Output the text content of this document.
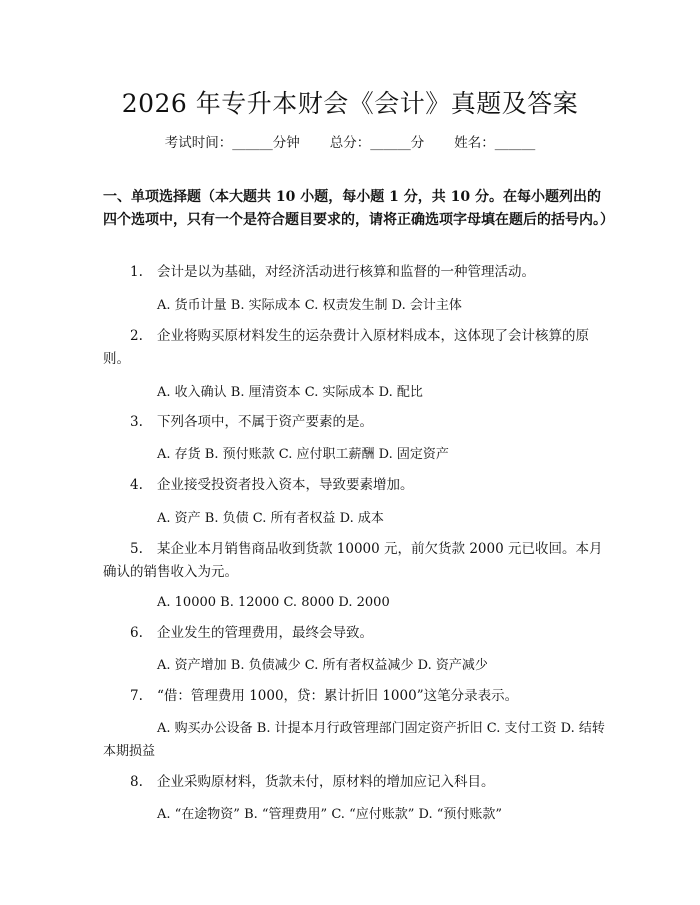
2026 年专升本财会《会计》真题及答案
考试时间：______分钟 总分：______分 姓名：______
一、单项选择题（本大题共 10 小题，每小题 1 分，共 10 分。在每小题列出的四个选项中，只有一个是符合题目要求的，请将正确选项字母填在题后的括号内。）
1. 会计是以为基础，对经济活动进行核算和监督的一种管理活动。
A. 货币计量 B. 实际成本 C. 权责发生制 D. 会计主体
2. 企业将购买原材料发生的运杂费计入原材料成本，这体现了会计核算的原则。
A. 收入确认 B. 厘清资本 C. 实际成本 D. 配比
3. 下列各项中，不属于资产要素的是。
A. 存货 B. 预付账款 C. 应付职工薪酬 D. 固定资产
4. 企业接受投资者投入资本，导致要素增加。
A. 资产 B. 负债 C. 所有者权益 D. 成本
5. 某企业本月销售商品收到货款 10000 元，前欠货款 2000 元已收回。本月确认的销售收入为元。
A. 10000 B. 12000 C. 8000 D. 2000
6. 企业发生的管理费用，最终会导致。
A. 资产增加 B. 负债减少 C. 所有者权益减少 D. 资产减少
7. “借：管理费用 1000，贷：累计折旧 1000”这笔分录表示。
A. 购买办公设备 B. 计提本月行政管理部门固定资产折旧 C. 支付工资 D. 结转本期损益
8. 企业采购原材料，货款未付，原材料的增加应记入科目。
A. “在途物资” B. “管理费用” C. “应付账款” D. “预付账款”
